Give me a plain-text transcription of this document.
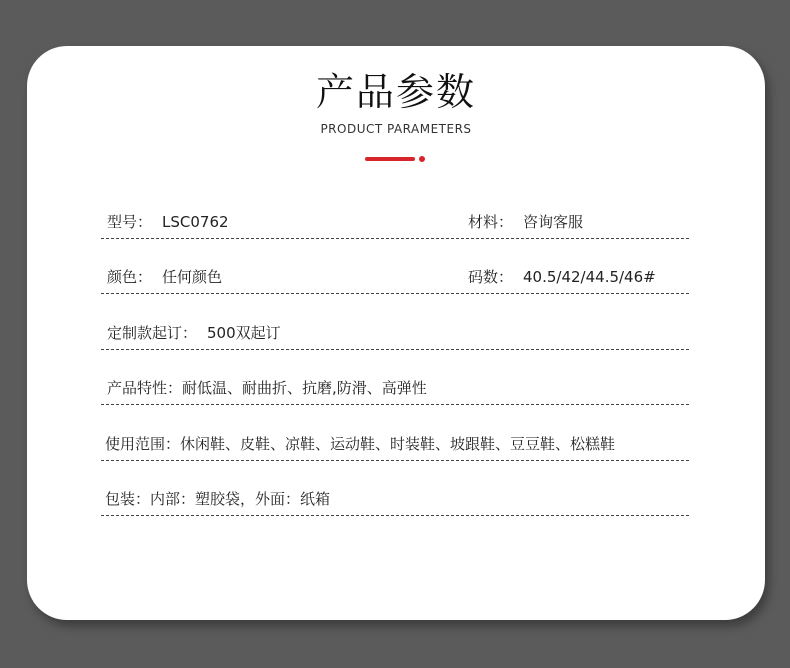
产品参数
PRODUCT PARAMETERS
型号： LSC0762	材料： 咨询客服
颜色： 任何颜色	码数： 40.5/42/44.5/46#
定制款起订： 500双起订
产品特性：耐低温、耐曲折、抗磨,防滑、高弹性
使用范围：休闲鞋、皮鞋、凉鞋、运动鞋、时装鞋、坡跟鞋、豆豆鞋、松糕鞋
包装：内部：塑胶袋，外面：纸箱
